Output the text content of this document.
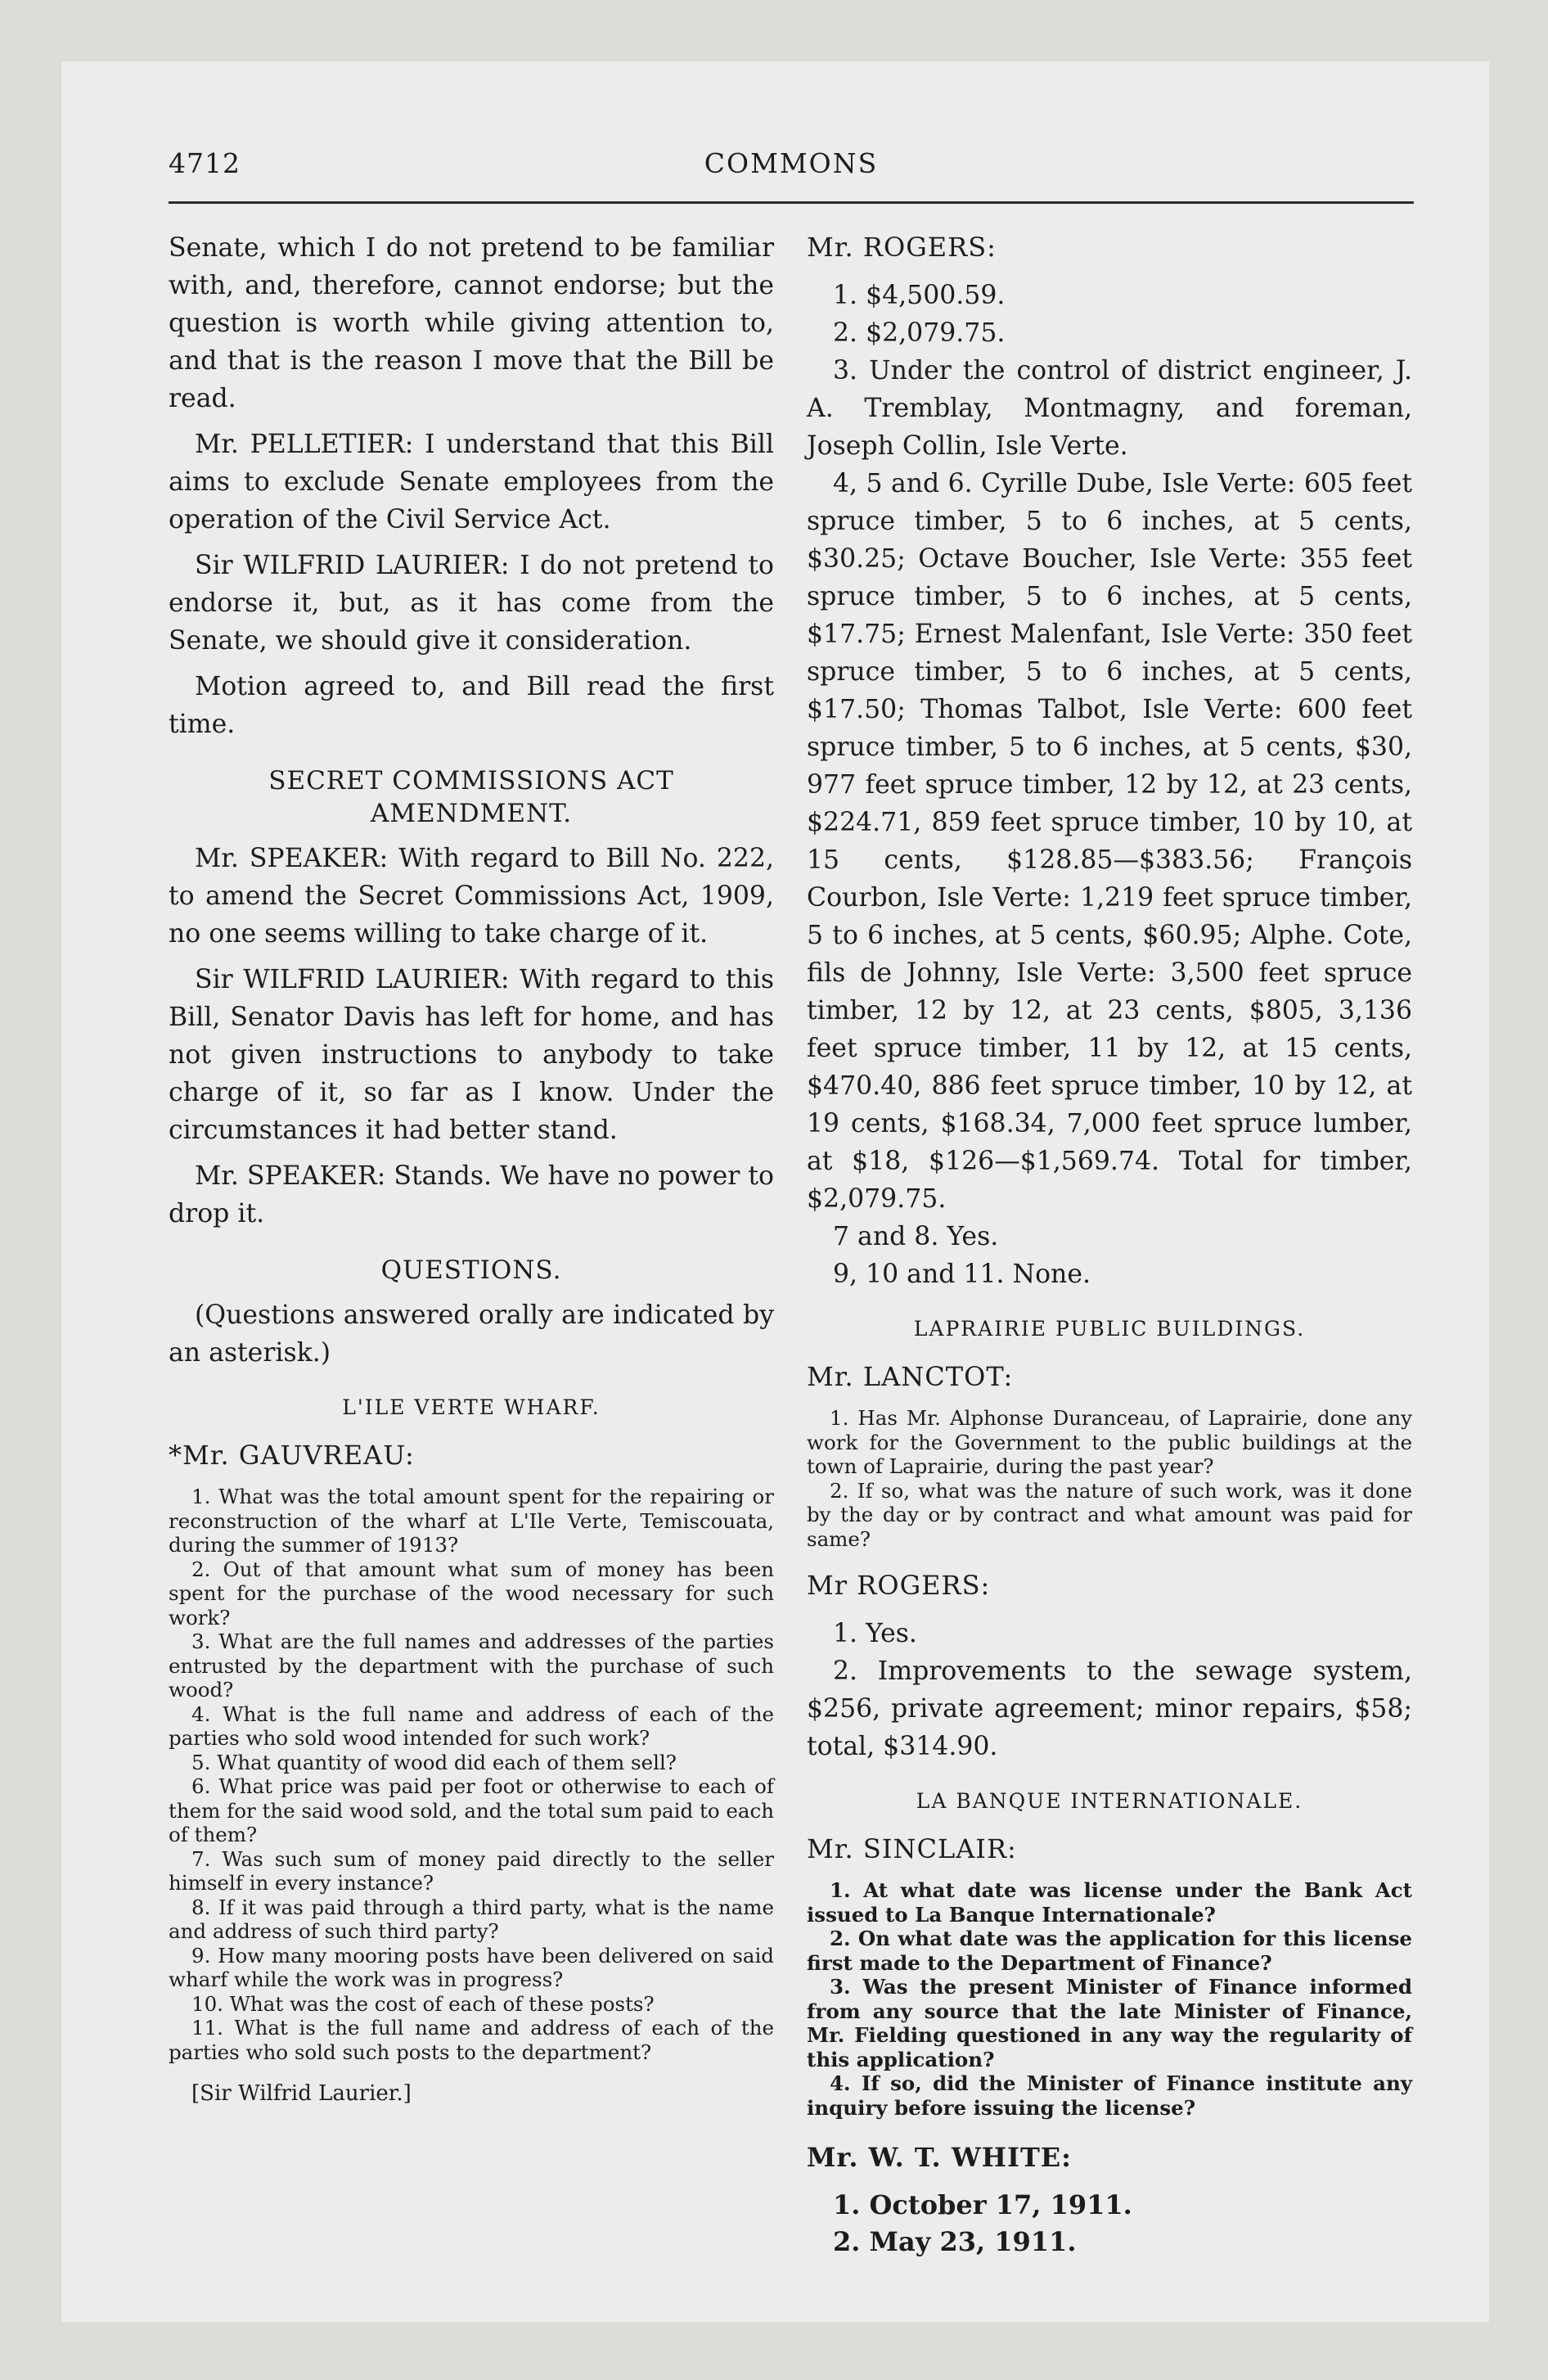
4712	COMMONS

Senate, which I do not pretend to be familiar with, and, therefore, cannot endorse; but the question is worth while giving attention to, and that is the reason I move that the Bill be read.

Mr. PELLETIER: I understand that this Bill aims to exclude Senate employees from the operation of the Civil Service Act.

Sir WILFRID LAURIER: I do not pretend to endorse it, but, as it has come from the Senate, we should give it consideration.

Motion agreed to, and Bill read the first time.

SECRET COMMISSIONS ACT AMENDMENT.

Mr. SPEAKER: With regard to Bill No. 222, to amend the Secret Commissions Act, 1909, no one seems willing to take charge of it.

Sir WILFRID LAURIER: With regard to this Bill, Senator Davis has left for home, and has not given instructions to anybody to take charge of it, so far as I know. Under the circumstances it had better stand.

Mr. SPEAKER: Stands. We have no power to drop it.

QUESTIONS.

(Questions answered orally are indicated by an asterisk.)

L'ILE VERTE WHARF.
*Mr. GAUVREAU:

1. What was the total amount spent for the repairing or reconstruction of the wharf at L'Ile Verte, Temiscouata, during the summer of 1913?

2. Out of that amount what sum of money has been spent for the purchase of the wood necessary for such work?

3. What are the full names and addresses of the parties entrusted by the department with the purchase of such wood?

4. What is the full name and address of each of the parties who sold wood intended for such work?

5. What quantity of wood did each of them sell?

6. What price was paid per foot or otherwise to each of them for the said wood sold, and the total sum paid to each of them?

7. Was such sum of money paid directly to the seller himself in every instance?

8. If it was paid through a third party, what is the name and address of such third party?

9. How many mooring posts have been delivered on said wharf while the work was in progress?

10. What was the cost of each of these posts?

11. What is the full name and address of each of the parties who sold such posts to the department?

[Sir Wilfrid Laurier.]

Mr. ROGERS:

1. $4,500.59.

2. $2,079.75.

3. Under the control of district engineer, J. A. Tremblay, Montmagny, and foreman, Joseph Collin, Isle Verte.

4, 5 and 6. Cyrille Dube, Isle Verte: 605 feet spruce timber, 5 to 6 inches, at 5 cents, $30.25; Octave Boucher, Isle Verte: 355 feet spruce timber, 5 to 6 inches, at 5 cents, $17.75; Ernest Malenfant, Isle Verte: 350 feet spruce timber, 5 to 6 inches, at 5 cents, $17.50; Thomas Talbot, Isle Verte: 600 feet spruce timber, 5 to 6 inches, at 5 cents, $30, 977 feet spruce timber, 12 by 12, at 23 cents, $224.71, 859 feet spruce timber, 10 by 10, at 15 cents, $128.85—$383.56; François Courbon, Isle Verte: 1,219 feet spruce timber, 5 to 6 inches, at 5 cents, $60.95; Alphe. Cote, fils de Johnny, Isle Verte: 3,500 feet spruce timber, 12 by 12, at 23 cents, $805, 3,136 feet spruce timber, 11 by 12, at 15 cents, $470.40, 886 feet spruce timber, 10 by 12, at 19 cents, $168.34, 7,000 feet spruce lumber, at $18, $126—$1,569.74. Total for timber, $2,079.75.

7 and 8. Yes.

9, 10 and 11. None.

LAPRAIRIE PUBLIC BUILDINGS.
Mr. LANCTOT:

1. Has Mr. Alphonse Duranceau, of Laprairie, done any work for the Government to the public buildings at the town of Laprairie, during the past year?

2. If so, what was the nature of such work, was it done by the day or by contract and what amount was paid for same?

Mr ROGERS:

1. Yes.

2. Improvements to the sewage system, $256, private agreement; minor repairs, $58; total, $314.90.

LA BANQUE INTERNATIONALE.
Mr. SINCLAIR:

1. At what date was license under the Bank Act issued to La Banque Internationale?

2. On what date was the application for this license first made to the Department of Finance?

3. Was the present Minister of Finance informed from any source that the late Minister of Finance, Mr. Fielding questioned in any way the regularity of this application?

4. If so, did the Minister of Finance institute any inquiry before issuing the license?

Mr. W. T. WHITE:

1. October 17, 1911.

2. May 23, 1911.
